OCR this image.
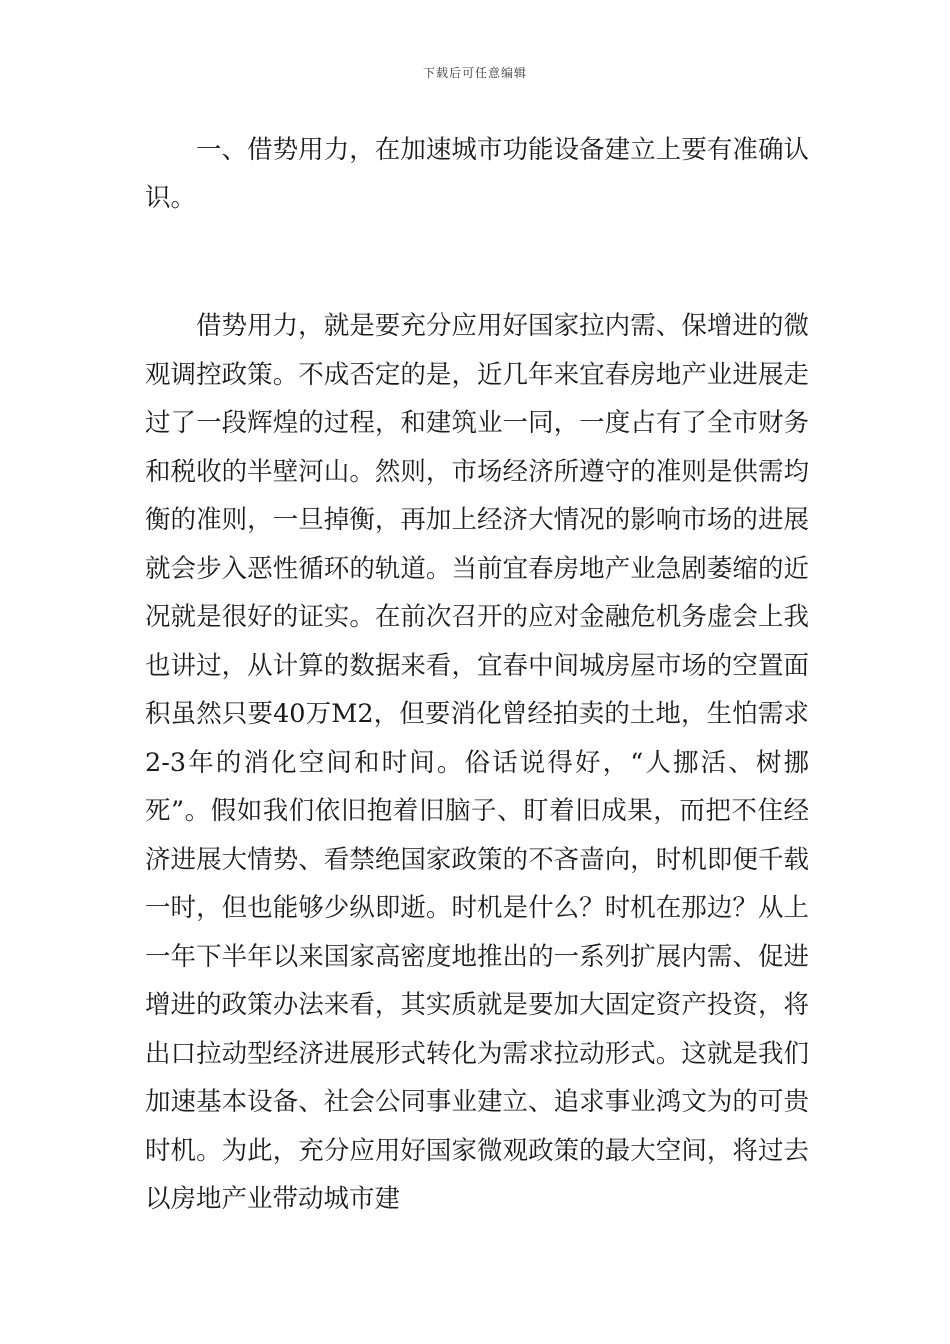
下载后可任意编辑
一、借势用力，在加速城市功能设备建立上要有准确认识。

借势用力，就是要充分应用好国家拉内需、保增进的微观调控政策。不成否定的是，近几年来宜春房地产业进展走过了一段辉煌的过程，和建筑业一同，一度占有了全市财务和税收的半壁河山。然则，市场经济所遵守的准则是供需均衡的准则，一旦掉衡，再加上经济大情况的影响市场的进展就会步入恶性循环的轨道。当前宜春房地产业急剧萎缩的近况就是很好的证实。在前次召开的应对金融危机务虚会上我也讲过，从计算的数据来看，宜春中间城房屋市场的空置面积虽然只要40万M2，但要消化曾经拍卖的土地，生怕需求2-3年的消化空间和时间。俗话说得好，“人挪活、树挪死”。假如我们依旧抱着旧脑子、盯着旧成果，而把不住经济进展大情势、看禁绝国家政策的不吝啬向，时机即便千载一时，但也能够少纵即逝。时机是什么？时机在那边？从上一年下半年以来国家高密度地推出的一系列扩展内需、促进增进的政策办法来看，其实质就是要加大固定资产投资，将出口拉动型经济进展形式转化为需求拉动形式。这就是我们加速基本设备、社会公同事业建立、追求事业鸿文为的可贵时机。为此，充分应用好国家微观政策的最大空间，将过去以房地产业带动城市建
